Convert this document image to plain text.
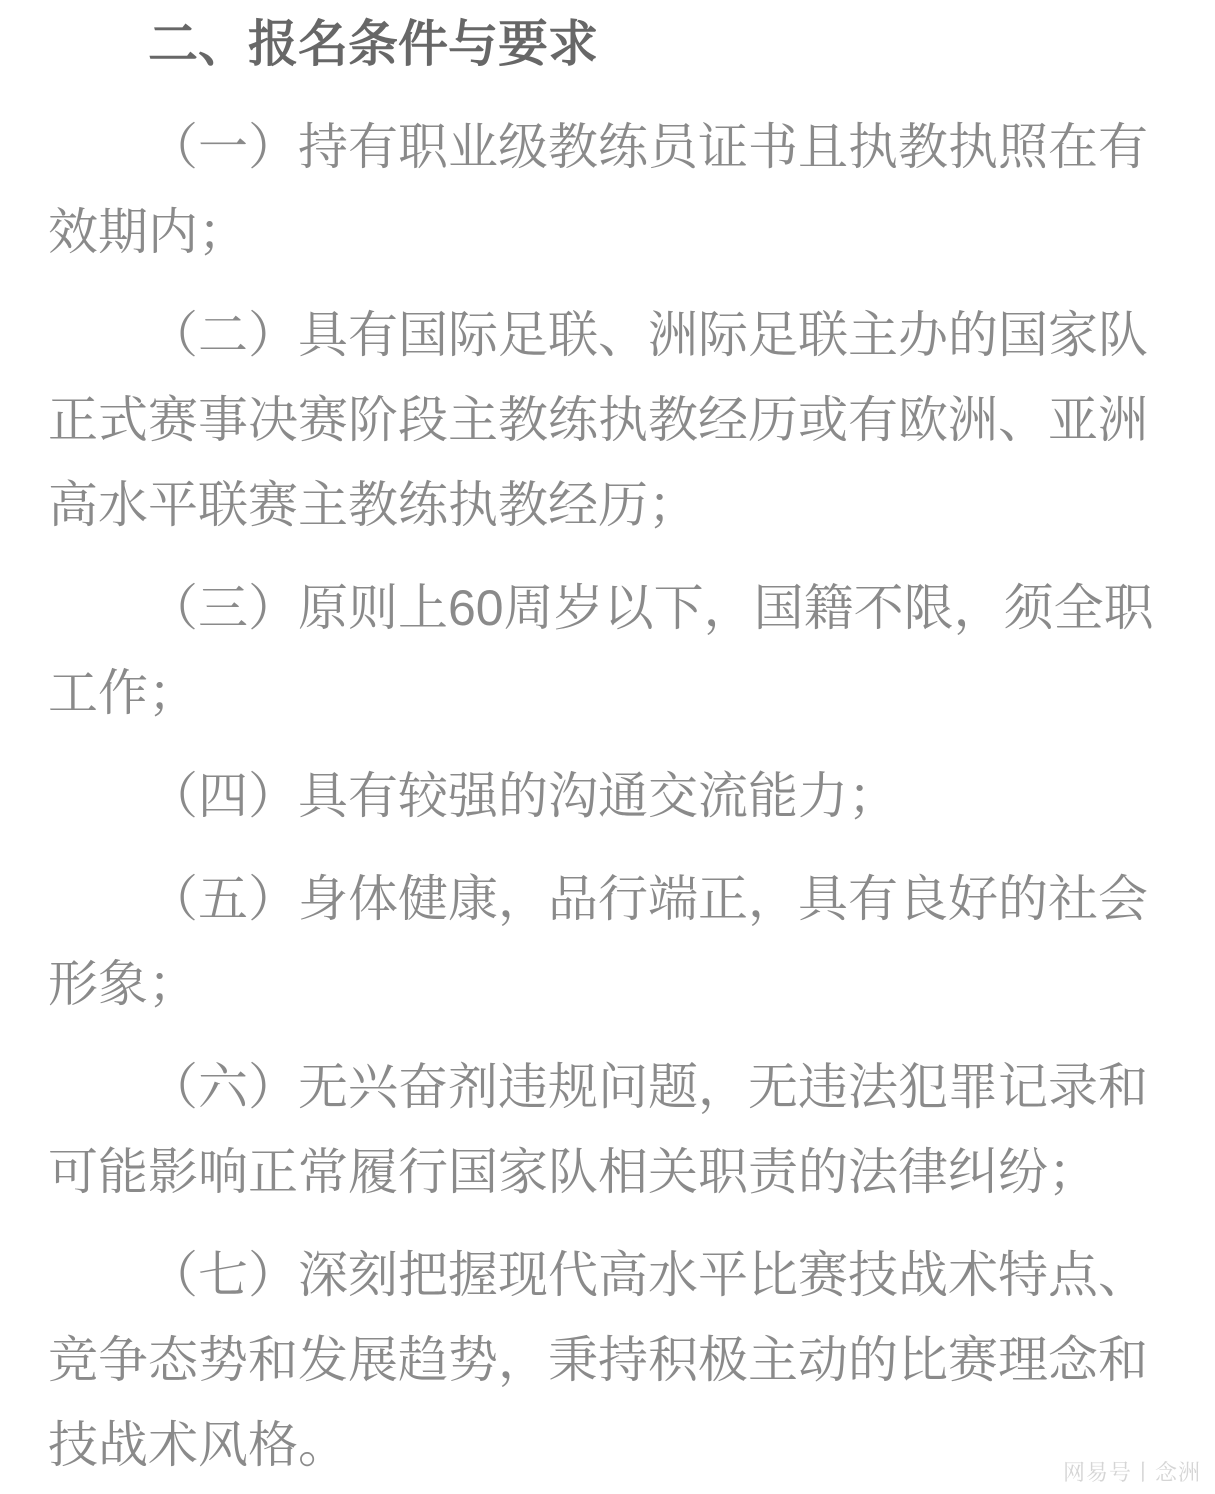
二、报名条件与要求

（一）持有职业级教练员证书且执教执照在有效期内；

（二）具有国际足联、洲际足联主办的国家队正式赛事决赛阶段主教练执教经历或有欧洲、亚洲高水平联赛主教练执教经历；

（三）原则上60周岁以下，国籍不限，须全职工作；

（四）具有较强的沟通交流能力；

（五）身体健康，品行端正，具有良好的社会形象；

（六）无兴奋剂违规问题，无违法犯罪记录和可能影响正常履行国家队相关职责的法律纠纷；

（七）深刻把握现代高水平比赛技战术特点、竞争态势和发展趋势，秉持积极主动的比赛理念和技战术风格。	网易号丨念洲
